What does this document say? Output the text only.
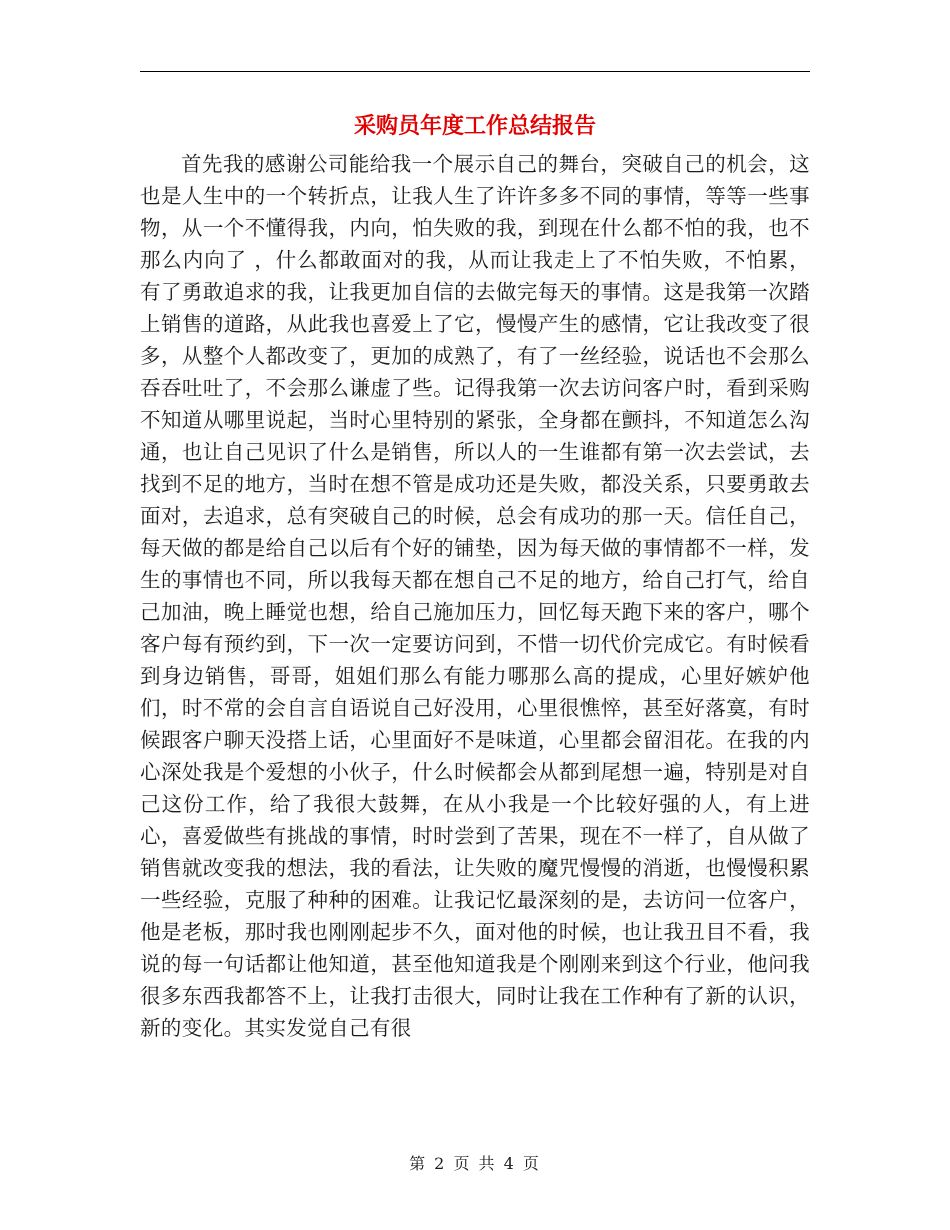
采购员年度工作总结报告

首先我的感谢公司能给我一个展示自己的舞台，突破自己的机会，这也是人生中的一个转折点，让我人生了许许多多不同的事情，等等一些事物，从一个不懂得我，内向，怕失败的我，到现在什么都不怕的我，也不那么内向了 ，什么都敢面对的我，从而让我走上了不怕失败，不怕累，有了勇敢追求的我，让我更加自信的去做完每天的事情。这是我第一次踏上销售的道路，从此我也喜爱上了它，慢慢产生的感情，它让我改变了很多，从整个人都改变了，更加的成熟了，有了一丝经验，说话也不会那么吞吞吐吐了，不会那么谦虚了些。记得我第一次去访问客户时，看到采购不知道从哪里说起，当时心里特别的紧张，全身都在颤抖，不知道怎么沟通，也让自己见识了什么是销售，所以人的一生谁都有第一次去尝试，去找到不足的地方，当时在想不管是成功还是失败，都没关系，只要勇敢去面对，去追求，总有突破自己的时候，总会有成功的那一天。信任自己，每天做的都是给自己以后有个好的铺垫，因为每天做的事情都不一样，发生的事情也不同，所以我每天都在想自己不足的地方，给自己打气，给自己加油，晚上睡觉也想，给自己施加压力，回忆每天跑下来的客户，哪个客户每有预约到，下一次一定要访问到，不惜一切代价完成它。有时候看到身边销售，哥哥，姐姐们那么有能力哪那么高的提成，心里好嫉妒他们，时不常的会自言自语说自己好没用，心里很憔悴，甚至好落寞，有时候跟客户聊天没搭上话，心里面好不是味道，心里都会留泪花。在我的内心深处我是个爱想的小伙子，什么时候都会从都到尾想一遍，特别是对自己这份工作，给了我很大鼓舞，在从小我是一个比较好强的人，有上进心，喜爱做些有挑战的事情，时时尝到了苦果，现在不一样了，自从做了销售就改变我的想法，我的看法，让失败的魔咒慢慢的消逝，也慢慢积累一些经验，克服了种种的困难。让我记忆最深刻的是，去访问一位客户，他是老板，那时我也刚刚起步不久，面对他的时候，也让我丑目不看，我说的每一句话都让他知道，甚至他知道我是个刚刚来到这个行业，他问我很多东西我都答不上，让我打击很大，同时让我在工作种有了新的认识，新的变化。其实发觉自己有很

第 2 页 共 4 页
